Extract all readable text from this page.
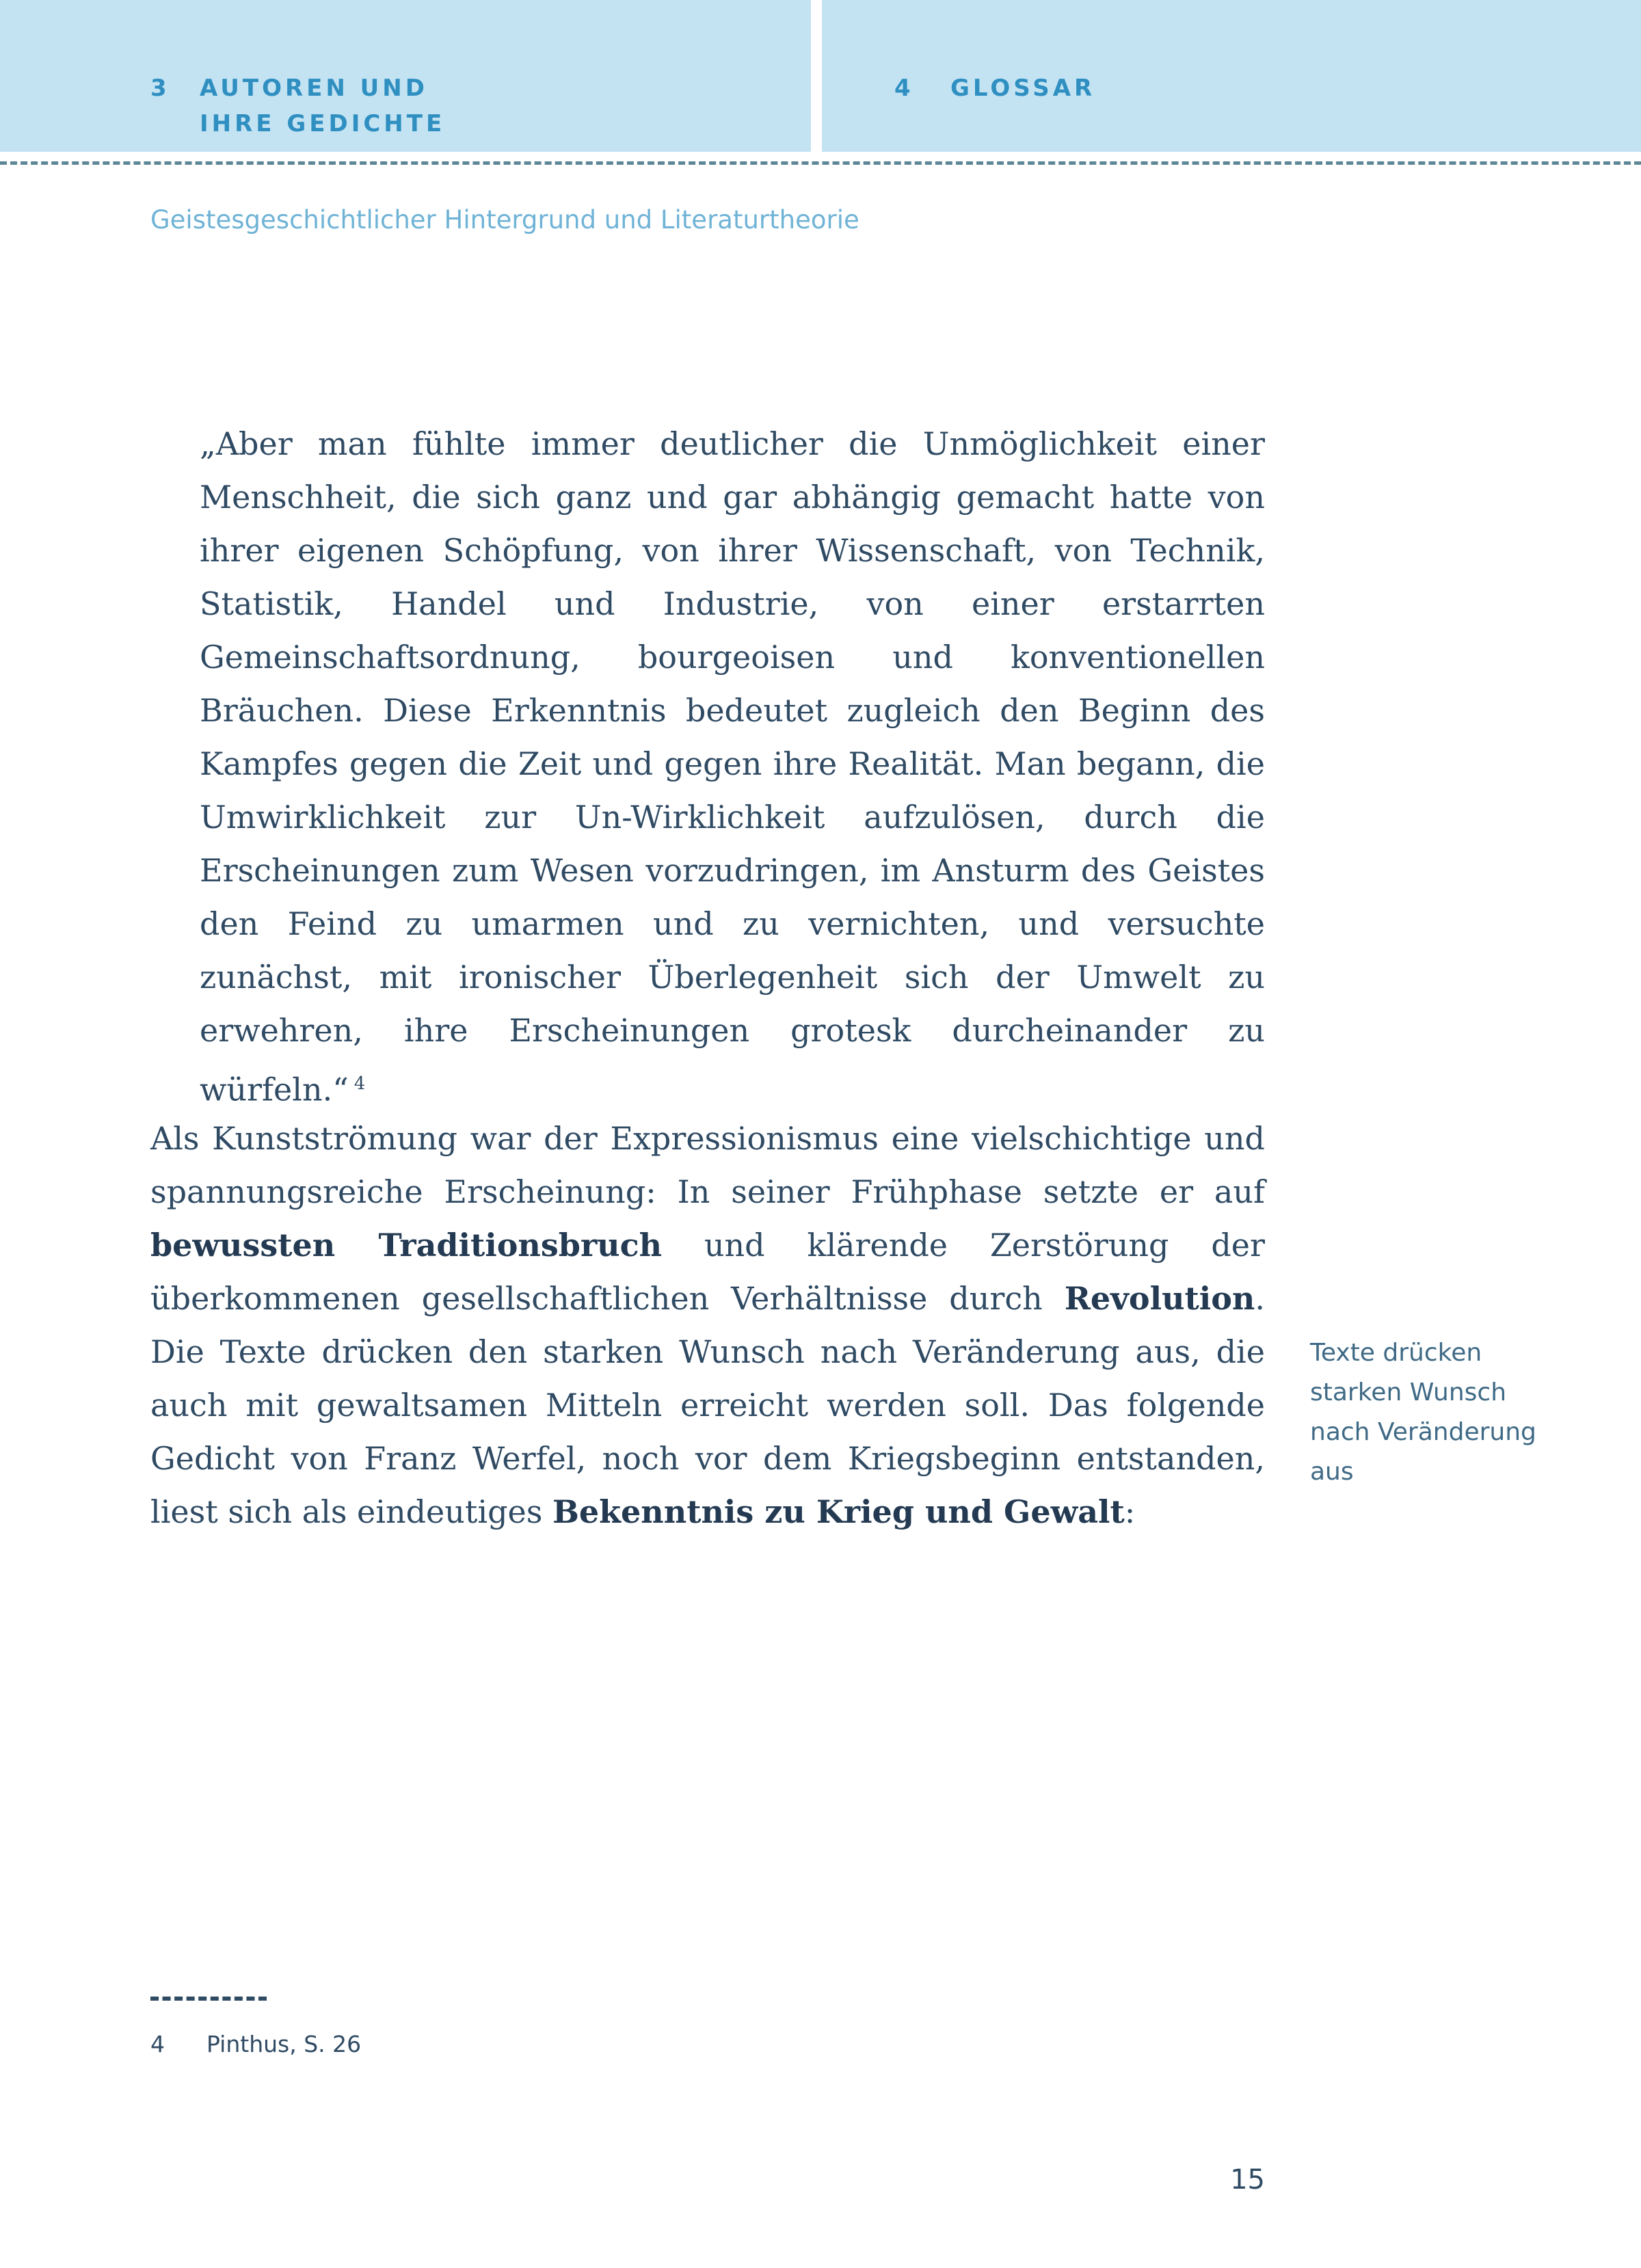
3 AUTOREN UND
IHRE GEDICHTE
4 GLOSSAR
Geistesgeschichtlicher Hintergrund und Literaturtheorie
„Aber man fühlte immer deutlicher die Unmöglichkeit einer Menschheit, die sich ganz und gar abhängig gemacht hatte von ihrer eigenen Schöpfung, von ihrer Wissenschaft, von Technik, Statistik, Handel und Industrie, von einer erstarrten Gemeinschaftsordnung, bourgeoisen und konventionellen Bräuchen. Diese Erkenntnis bedeutet zugleich den Beginn des Kampfes gegen die Zeit und gegen ihre Realität. Man begann, die Umwirklichkeit zur Un-Wirklichkeit aufzulösen, durch die Erscheinungen zum Wesen vorzudringen, im Ansturm des Geistes den Feind zu umarmen und zu vernichten, und versuchte zunächst, mit ironischer Überlegenheit sich der Umwelt zu erwehren, ihre Erscheinungen grotesk durcheinander zu würfeln.“ $^4$
Als Kunstströmung war der Expressionismus eine vielschichtige und spannungsreiche Erscheinung: In seiner Frühphase setzte er auf bewussten Traditionsbruch und klärende Zerstörung der überkommenen gesellschaftlichen Verhältnisse durch Revolution. Die Texte drücken den starken Wunsch nach Veränderung aus, die auch mit gewaltsamen Mitteln erreicht werden soll. Das folgende Gedicht von Franz Werfel, noch vor dem Kriegsbeginn entstanden, liest sich als eindeutiges Bekenntnis zu Krieg und Gewalt:
Texte drücken starken Wunsch nach Veränderung aus
4 Pinthus, S. 26
15
